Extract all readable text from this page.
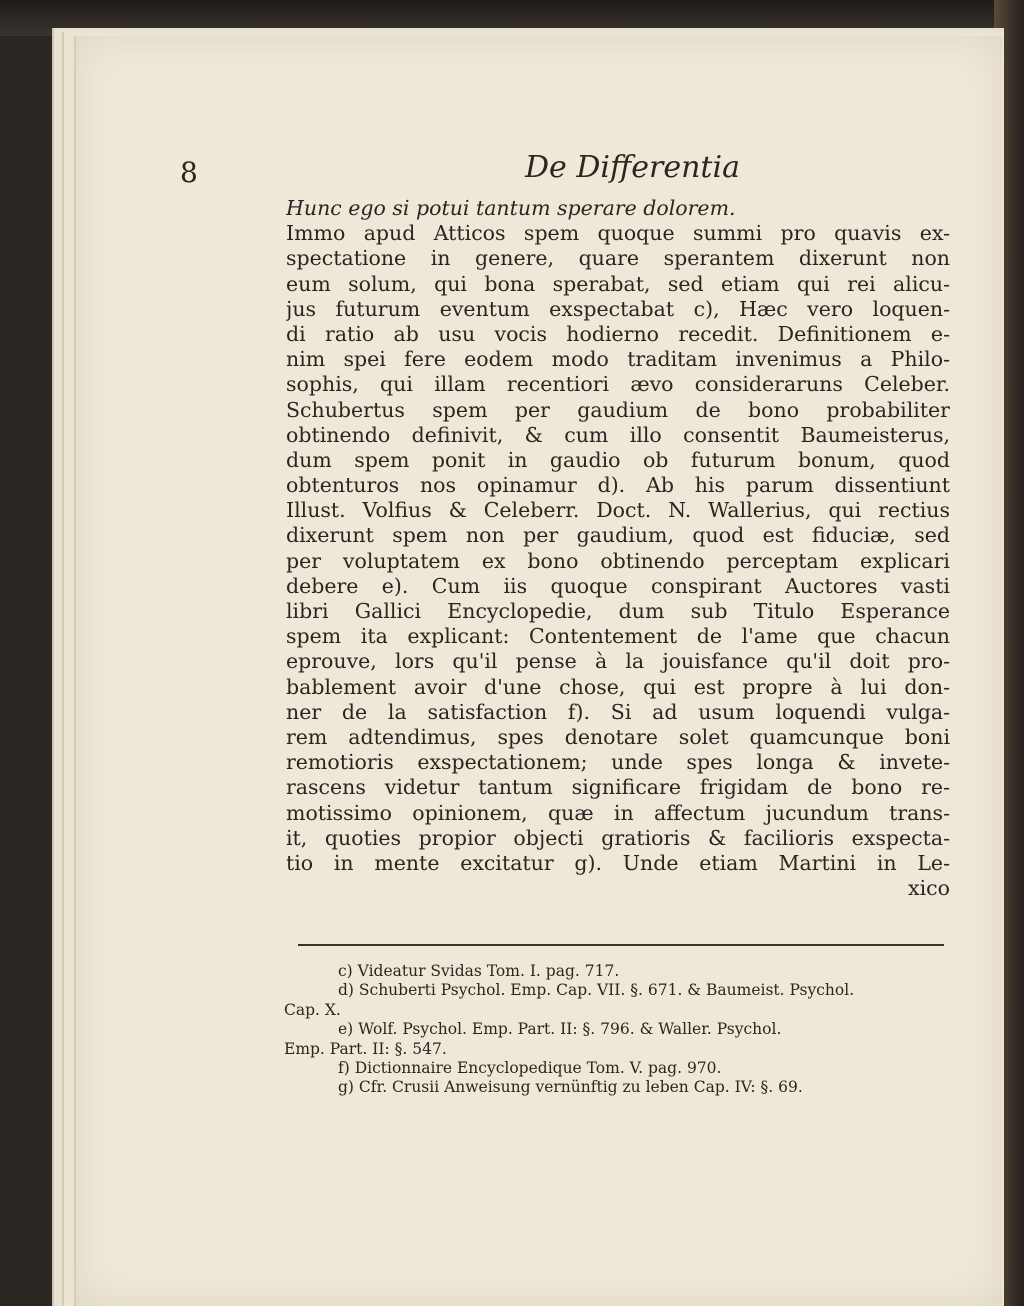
8	De Differentia
Hunc ego si potui tantum sperare dolorem.
Immo apud Atticos spem quoque summi pro quavis ex-
spectatione in genere, quare sperantem dixerunt non
eum solum, qui bona sperabat, sed etiam qui rei alicu-
jus futurum eventum exspectabat c), Hæc vero loquen-
di ratio ab usu vocis hodierno recedit. Definitionem e-
nim spei fere eodem modo traditam invenimus a Philo-
sophis, qui illam recentiori ævo consideraruns Celeber.
Schubertus spem per gaudium de bono probabiliter
obtinendo definivit, & cum illo consentit Baumeisterus,
dum spem ponit in gaudio ob futurum bonum, quod
obtenturos nos opinamur d). Ab his parum dissentiunt
Illust. Volfius & Celeberr. Doct. N. Wallerius, qui rectius
dixerunt spem non per gaudium, quod est fiduciæ, sed
per voluptatem ex bono obtinendo perceptam explicari
debere e). Cum iis quoque conspirant Auctores vasti
libri Gallici Encyclopedie, dum sub Titulo Esperance
spem ita explicant: Contentement de l'ame que chacun
eprouve, lors qu'il pense à la jouisfance qu'il doit pro-
bablement avoir d'une chose, qui est propre à lui don-
ner de la satisfaction f). Si ad usum loquendi vulga-
rem adtendimus, spes denotare solet quamcunque boni
remotioris exspectationem; unde spes longa & invete-
rascens videtur tantum significare frigidam de bono re-
motissimo opinionem, quæ in affectum jucundum trans-
it, quoties propior objecti gratioris & facilioris exspecta-
tio in mente excitatur g). Unde etiam Martini in Le-
xico
c) Videatur Svidas Tom. I. pag. 717.
d) Schuberti Psychol. Emp. Cap. VII. §. 671. & Baumeist. Psychol.
Cap. X.
e) Wolf. Psychol. Emp. Part. II: §. 796. & Waller. Psychol.
Emp. Part. II: §. 547.
f) Dictionnaire Encyclopedique Tom. V. pag. 970.
g) Cfr. Crusii Anweisung vernünftig zu leben Cap. IV: §. 69.
